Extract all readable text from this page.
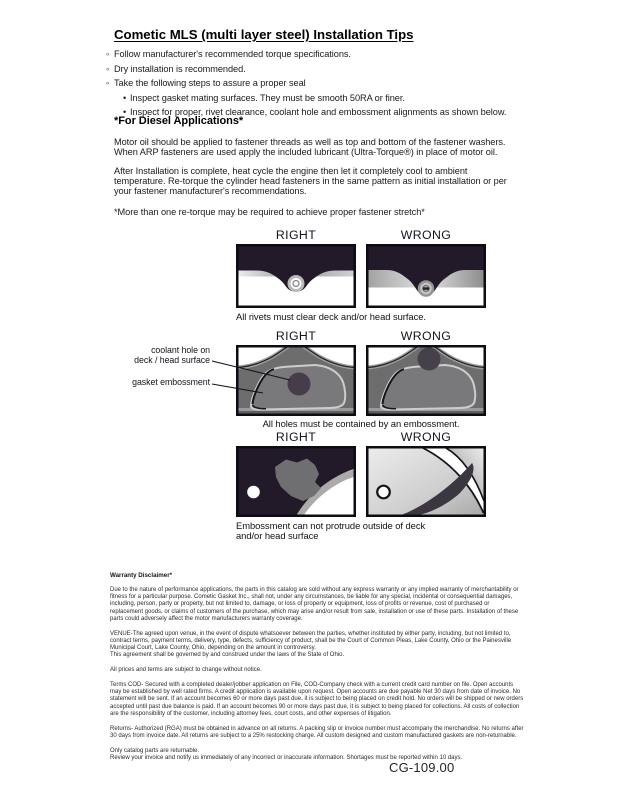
Cometic MLS (multi layer steel) Installation Tips
◦ Follow manufacturer's recommended torque specifications.
◦ Dry installation is recommended.
◦ Take the following steps to assure a proper seal
• Inspect gasket mating surfaces. They must be smooth 50RA or finer.
• Inspect for proper, rivet clearance, coolant hole and embossment alignments as shown below.
*For Diesel Applications*

Motor oil should be applied to fastener threads as well as top and bottom of the fastener washers. When ARP fasteners are used apply the included lubricant (Ultra-Torque®) in place of motor oil.

After Installation is complete, heat cycle the engine then let it completely cool to ambient temperature. Re-torque the cylinder head fasteners in the same pattern as initial installation or per your fastener manufacturer's recommendations.

*More than one re-torque may be required to achieve proper fastener stretch*

RIGHT	WRONG
All rivets must clear deck and/or head surface.
RIGHT	WRONG
All holes must be contained by an embossment.
coolant hole on
deck / head surface
gasket embossment
RIGHT	WRONG
Embossment can not protrude outside of deck
and/or head surface

Warranty Disclaimer*

Due to the nature of performance applications, the parts in this catalog are sold without any express warranty or any implied warranty of merchantability or fitness for a particular purpose. Cometic Gasket Inc., shall not, under any circumstances, be liable for any special, incidental or consequential damages, including, person, party or property, but not limited to, damage, or loss of property or equipment, loss of profits or revenue, cost of purchased or replacement goods, or claims of customers of the purchase, which may arise and/or result from sale, installation or use of these parts. Installation of these parts could adversely affect the motor manufacturers warranty coverage.

VENUE-The agreed upon venue, in the event of dispute whatsoever between the parties, whether instituted by either party, including, but not limited to, contract terms, payment terms, delivery, type, defects, sufficiency of product, shall be the Court of Common Pleas, Lake County, Ohio or the Painesville Municipal Court, Lake County, Ohio, depending on the amount in controversy.

This agreement shall be governed by and construed under the laws of the State of Ohio.

All prices and terms are subject to change without notice.

Terms COD- Secured with a completed dealer/jobber application on File, COD-Company check with a current credit card number on file. Open accounts may be established by well rated firms. A credit application is available upon request. Open accounts are due payable Net 30 days from date of invoice. No statement will be sent. If an account becomes 60 or more days past due, it is subject to being placed on credit hold. No orders will be shipped or new orders accepted until past due balance is paid. If an account becomes 90 or more days past due, it is subject to being placed for collections. All costs of collection are the responsibility of the customer, including attorney fees, court costs, and other expenses of litigation.

Returns- Authorized (RGA) must be obtained in advance on all returns. A packing slip or invoice number must accompany the merchandise. No returns after 30 days from invoice date. All returns are subject to a 25% restocking charge. All custom designed and custom manufactured gaskets are non-returnable.

Only catalog parts are returnable.

Review your invoice and notify us immediately of any incorrect or inaccurate information. Shortages must be reported within 10 days.

CG-109.00
